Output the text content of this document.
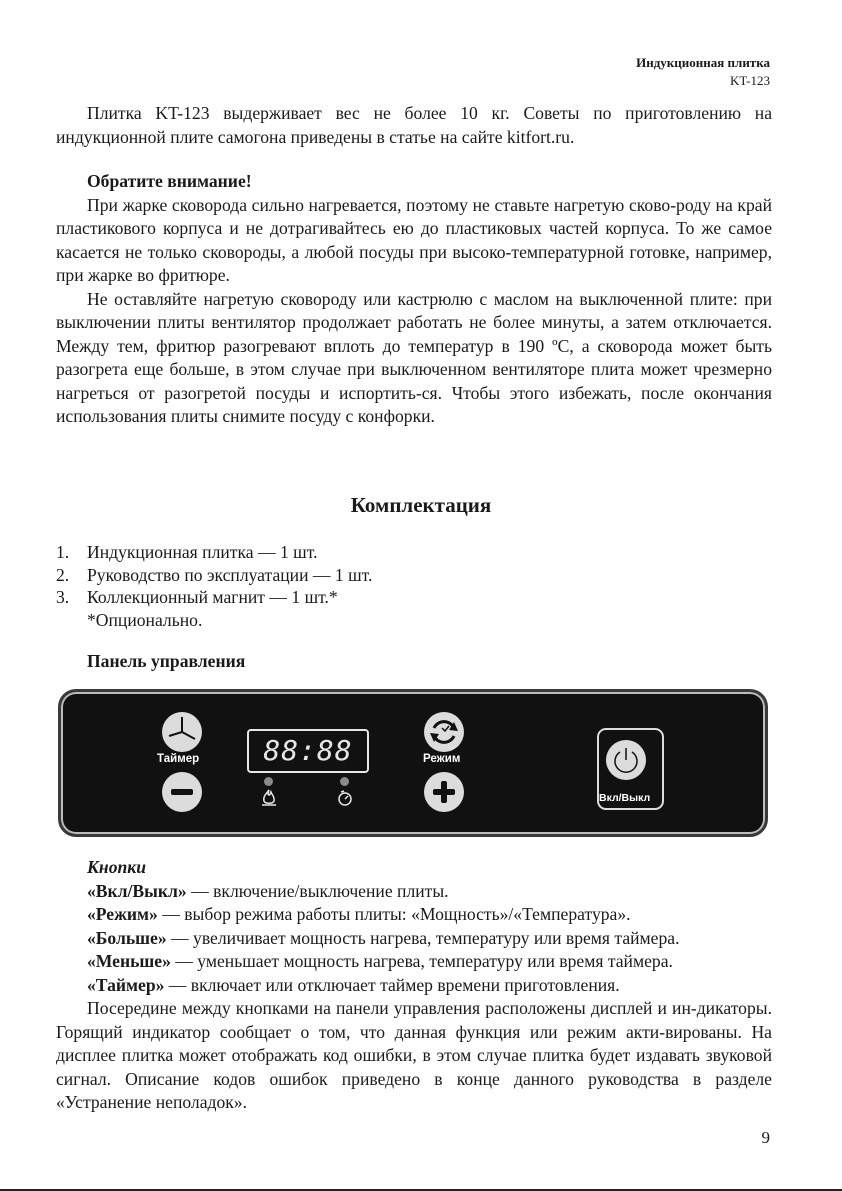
Индукционная плитка
KT-123

Плитка KT-123 выдерживает вес не более 10 кг. Советы по приготовлению на индукционной плите самогона приведены в статье на сайте kitfort.ru.

Обратите внимание!

При жарке сковорода сильно нагревается, поэтому не ставьте нагретую сково-роду на край пластикового корпуса и не дотрагивайтесь ею до пластиковых частей корпуса. То же самое касается не только сковороды, а любой посуды при высоко-температурной готовке, например, при жарке во фритюре.

Не оставляйте нагретую сковороду или кастрюлю с маслом на выключенной плите: при выключении плиты вентилятор продолжает работать не более минуты, а затем отключается. Между тем, фритюр разогревают вплоть до температур в 190 ºС, а сковорода может быть разогрета еще больше, в этом случае при выключенном вентиляторе плита может чрезмерно нагреться от разогретой посуды и испортить-ся. Чтобы этого избежать, после окончания использования плиты снимите посуду с конфорки.

Комплектация
1.	Индукционная плитка — 1 шт.
2.	Руководство по эксплуатации — 1 шт.
3.	Коллекционный магнит — 1 шт.*
*Опционально.
Панель управления
Таймер	88:88	Режим
Вкл/Выкл
Кнопки
«Вкл/Выкл» — включение/выключение плиты.
«Режим» — выбор режима работы плиты: «Мощность»/«Температура».
«Больше» — увеличивает мощность нагрева, температуру или время таймера.
«Меньше» — уменьшает мощность нагрева, температуру или время таймера.
«Таймер» — включает или отключает таймер времени приготовления.

Посередине между кнопками на панели управления расположены дисплей и ин-дикаторы. Горящий индикатор сообщает о том, что данная функция или режим акти-вированы. На дисплее плитка может отображать код ошибки, в этом случае плитка будет издавать звуковой сигнал. Описание кодов ошибок приведено в конце данного руководства в разделе «Устранение неполадок».

9
